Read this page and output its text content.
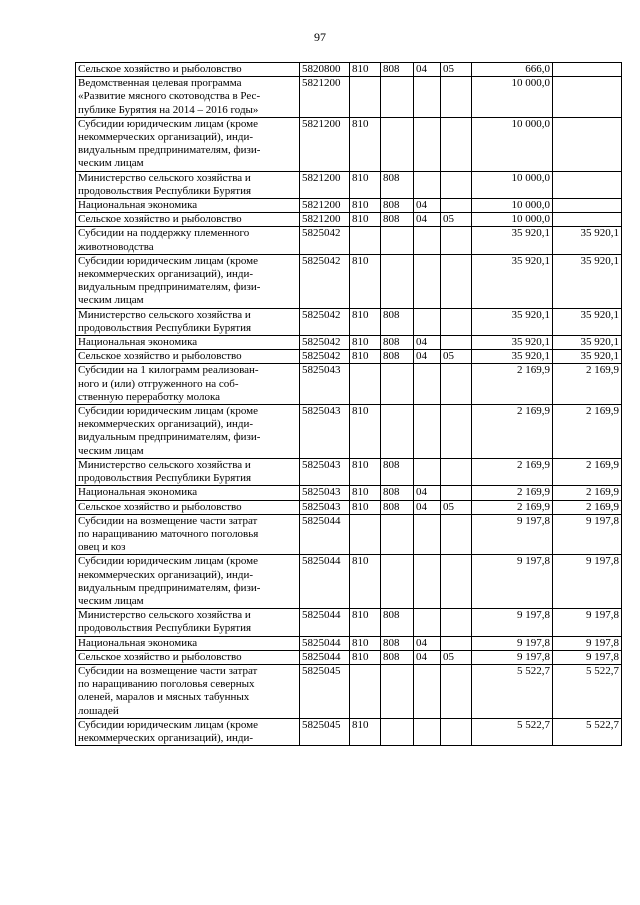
97
Сельское хозяйство и рыболовство	5820800	810	808	04	05	666,0	
Ведомственная целевая программа
«Развитие мясного скотоводства в Рес-
публике Бурятия на 2014 – 2016 годы»	5821200					10 000,0	
Субсидии юридическим лицам (кроме
некоммерческих организаций), инди-
видуальным предпринимателям, физи-
ческим лицам	5821200	810				10 000,0	
Министерство сельского хозяйства и
продовольствия Республики Бурятия	5821200	810	808			10 000,0	
Национальная экономика	5821200	810	808	04		10 000,0	
Сельское хозяйство и рыболовство	5821200	810	808	04	05	10 000,0	
Субсидии на поддержку племенного
животноводства	5825042					35 920,1	35 920,1
Субсидии юридическим лицам (кроме
некоммерческих организаций), инди-
видуальным предпринимателям, физи-
ческим лицам	5825042	810				35 920,1	35 920,1
Министерство сельского хозяйства и
продовольствия Республики Бурятия	5825042	810	808			35 920,1	35 920,1
Национальная экономика	5825042	810	808	04		35 920,1	35 920,1
Сельское хозяйство и рыболовство	5825042	810	808	04	05	35 920,1	35 920,1
Субсидии на 1 килограмм реализован-
ного и (или) отгруженного на соб-
ственную переработку молока	5825043					2 169,9	2 169,9
Субсидии юридическим лицам (кроме
некоммерческих организаций), инди-
видуальным предпринимателям, физи-
ческим лицам	5825043	810				2 169,9	2 169,9
Министерство сельского хозяйства и
продовольствия Республики Бурятия	5825043	810	808			2 169,9	2 169,9
Национальная экономика	5825043	810	808	04		2 169,9	2 169,9
Сельское хозяйство и рыболовство	5825043	810	808	04	05	2 169,9	2 169,9
Субсидии на возмещение части затрат
по наращиванию маточного поголовья
овец и коз	5825044					9 197,8	9 197,8
Субсидии юридическим лицам (кроме
некоммерческих организаций), инди-
видуальным предпринимателям, физи-
ческим лицам	5825044	810				9 197,8	9 197,8
Министерство сельского хозяйства и
продовольствия Республики Бурятия	5825044	810	808			9 197,8	9 197,8
Национальная экономика	5825044	810	808	04		9 197,8	9 197,8
Сельское хозяйство и рыболовство	5825044	810	808	04	05	9 197,8	9 197,8
Субсидии на возмещение части затрат
по наращиванию поголовья северных
оленей, маралов и мясных табунных
лошадей	5825045					5 522,7	5 522,7
Субсидии юридическим лицам (кроме
некоммерческих организаций), инди-	5825045	810				5 522,7	5 522,7
